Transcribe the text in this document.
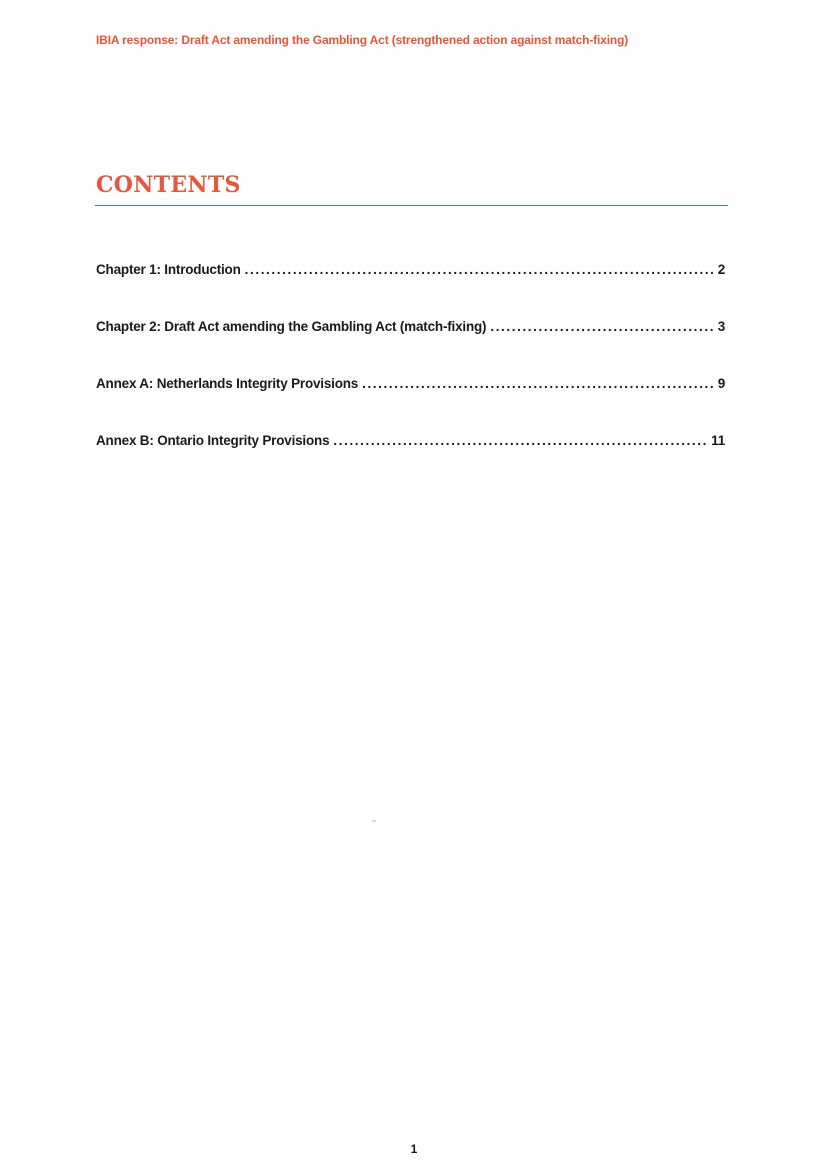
IBIA response: Draft Act amending the Gambling Act (strengthened action against match-fixing)
CONTENTS
Chapter 1: Introduction .....	2
Chapter 2: Draft Act amending the Gambling Act (match-fixing) .....	3
Annex A: Netherlands Integrity Provisions .....	9
Annex B: Ontario Integrity Provisions .....	11
1
